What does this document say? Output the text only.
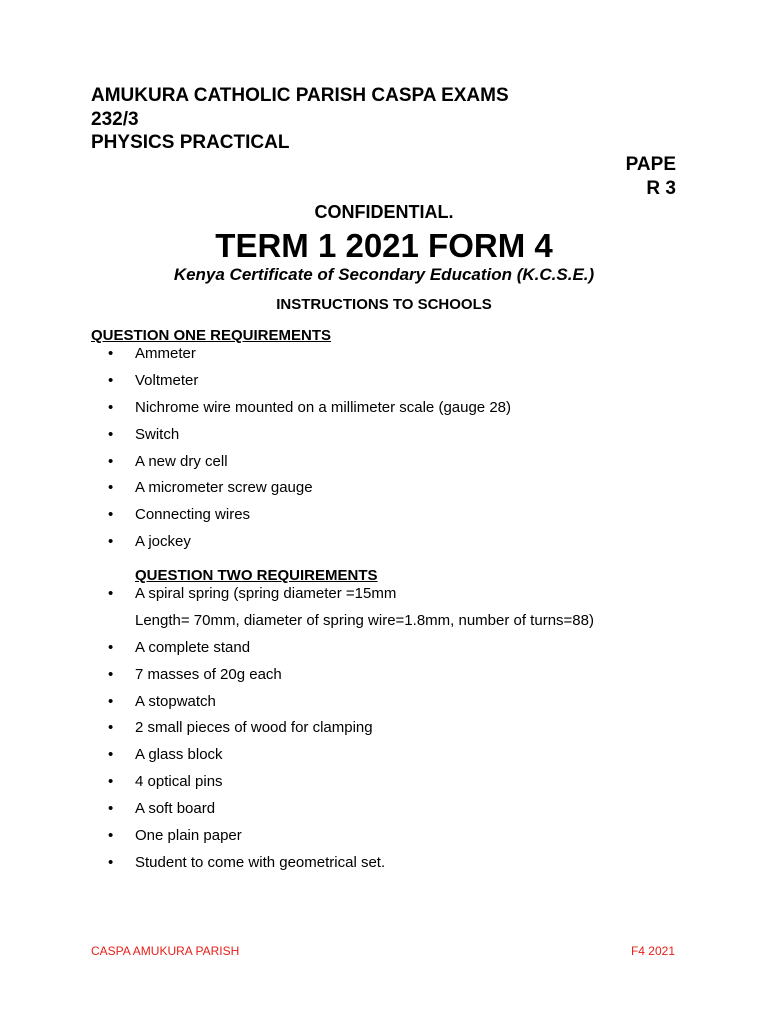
AMUKURA CATHOLIC PARISH CASPA EXAMS
232/3
PHYSICS PRACTICAL
PAPE
R 3
CONFIDENTIAL.
TERM 1 2021 FORM 4
Kenya Certificate of Secondary Education (K.C.S.E.)
INSTRUCTIONS TO SCHOOLS
QUESTION ONE REQUIREMENTS
• Ammeter
• Voltmeter
• Nichrome wire mounted on a millimeter scale (gauge 28)
• Switch
• A new dry cell
• A micrometer screw gauge
• Connecting wires
• A jockey
QUESTION TWO REQUIREMENTS
• A spiral spring (spring diameter =15mm
Length= 70mm, diameter of spring wire=1.8mm, number of turns=88)
• A complete stand
• 7 masses of 20g each
• A stopwatch
• 2 small pieces of wood for clamping
• A glass block
• 4 optical pins
• A soft board
• One plain paper
• Student to come with geometrical set.
CASPA AMUKURA PARISH	F4 2021
